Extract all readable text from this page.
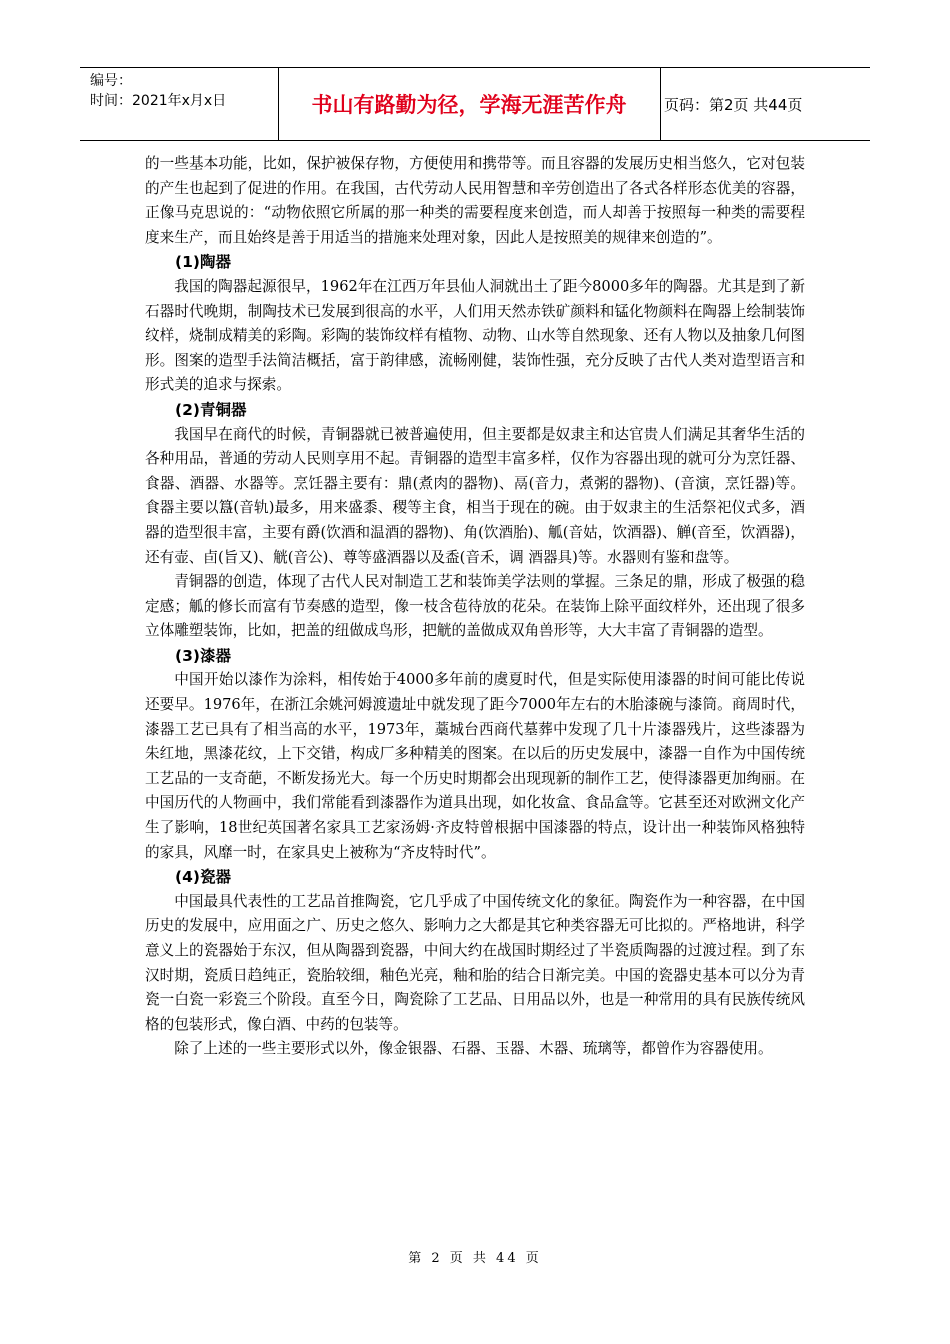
编号：
时间：2021年x月x日	书山有路勤为径，学海无涯苦作舟	页码：第2页 共44页

的一些基本功能，比如，保护被保存物，方便使用和携带等。而且容器的发展历史相当悠久，它对包装的产生也起到了促进的作用。在我国，古代劳动人民用智慧和辛劳创造出了各式各样形态优美的容器，正像马克思说的：“动物依照它所属的那一种类的需要程度来创造，而人却善于按照每一种类的需要程度来生产，而且始终是善于用适当的措施来处理对象，因此人是按照美的规律来创造的”。

(1)陶器

我国的陶器起源很早，1962年在江西万年县仙人洞就出土了距今8000多年的陶器。尤其是到了新石器时代晚期，制陶技术已发展到很高的水平，人们用天然赤铁矿颜料和锰化物颜料在陶器上绘制装饰纹样，烧制成精美的彩陶。彩陶的装饰纹样有植物、动物、山水等自然现象、还有人物以及抽象几何图形。图案的造型手法简洁概括，富于韵律感，流畅刚健，装饰性强，充分反映了古代人类对造型语言和形式美的追求与探索。

(2)青铜器

我国早在商代的时候，青铜器就已被普遍使用，但主要都是奴隶主和达官贵人们满足其奢华生活的各种用品，普通的劳动人民则享用不起。青铜器的造型丰富多样，仅作为容器出现的就可分为烹饪器、食器、酒器、水器等。烹饪器主要有：鼎(煮肉的器物)、鬲(音力，煮粥的器物)、(音演，烹饪器)等。食器主要以簋(音轨)最多，用来盛黍、稷等主食，相当于现在的碗。由于奴隶主的生活祭祀仪式多，酒器的造型很丰富，主要有爵(饮酒和温酒的器物)、角(饮酒胎)、觚(音姑，饮酒器)、觯(音至，饮酒器)，还有壶、卣(旨又)、觥(音公)、尊等盛酒器以及盉(音禾，调 酒器具)等。水器则有鉴和盘等。

青铜器的创造，体现了古代人民对制造工艺和装饰美学法则的掌握。三条足的鼎，形成了极强的稳定感；觚的修长而富有节奏感的造型，像一枝含苞待放的花朵。在装饰上除平面纹样外，还出现了很多立体雕塑装饰，比如，把盖的纽做成鸟形，把觥的盖做成双角兽形等，大大丰富了青铜器的造型。

(3)漆器

中国开始以漆作为涂料，相传始于4000多年前的虞夏时代，但是实际使用漆器的时间可能比传说还要早。1976年，在浙江余姚河姆渡遗址中就发现了距今7000年左右的木胎漆碗与漆筒。商周时代，漆器工艺已具有了相当高的水平，1973年，藁城台西商代墓葬中发现了几十片漆器残片，这些漆器为朱红地，黑漆花纹，上下交错，构成厂多种精美的图案。在以后的历史发展中，漆器一自作为中国传统工艺品的一支奇葩，不断发扬光大。每一个历史时期都会出现现新的制作工艺，使得漆器更加绚丽。在中国历代的人物画中，我们常能看到漆器作为道具出现，如化妆盒、食品盒等。它甚至还对欧洲文化产生了影响，18世纪英国著名家具工艺家汤姆·齐皮特曾根据中国漆器的特点，设计出一种装饰风格独特的家具，风靡一时，在家具史上被称为“齐皮特时代”。

(4)瓷器

中国最具代表性的工艺品首推陶瓷，它几乎成了中国传统文化的象征。陶瓷作为一种容器，在中国历史的发展中，应用面之广、历史之悠久、影响力之大都是其它种类容器无可比拟的。严格地讲，科学意义上的瓷器始于东汉，但从陶器到瓷器，中间大约在战国时期经过了半瓷质陶器的过渡过程。到了东汉时期，瓷质日趋纯正，瓷胎较细，釉色光亮，釉和胎的结合日渐完美。中国的瓷器史基本可以分为青瓷一白瓷一彩瓷三个阶段。直至今日，陶瓷除了工艺品、日用品以外，也是一种常用的具有民族传统风格的包装形式，像白酒、中药的包装等。

除了上述的一些主要形式以外，像金银器、石器、玉器、木器、琉璃等，都曾作为容器使用。

第 2 页 共 44 页
